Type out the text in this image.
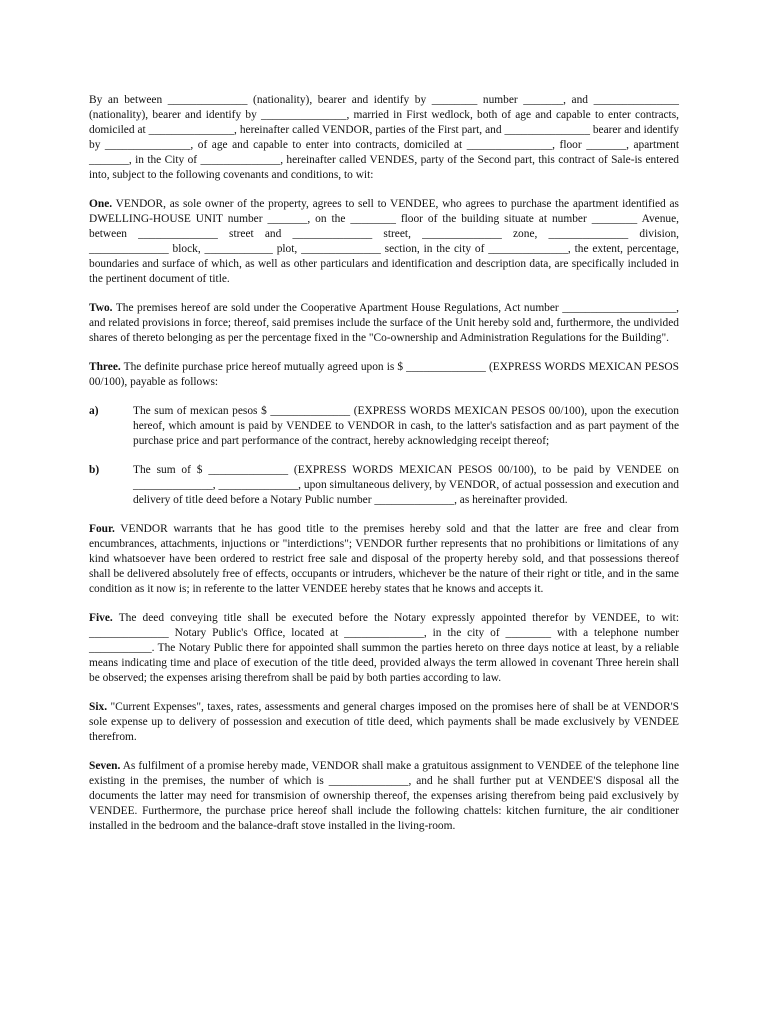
By an between ______________ (nationality), bearer and identify by ________ number _______, and _______________ (nationality), bearer and identify by _______________, married in First wedlock, both of age and capable to enter contracts, domiciled at _______________, hereinafter called VENDOR, parties of the First part, and _______________ bearer and identify by _______________, of age and capable to enter into contracts, domiciled at _______________, floor _______, apartment _______, in the City of ______________, hereinafter called VENDES, party of the Second part, this contract of Sale-is entered into, subject to the following covenants and conditions, to wit:

One. VENDOR, as sole owner of the property, agrees to sell to VENDEE, who agrees to purchase the apartment identified as DWELLING-HOUSE UNIT number _______, on the ________ floor of the building situate at number ________ Avenue, between ______________ street and ______________ street, ______________ zone, ______________ division, ______________ block, ____________ plot, ______________ section, in the city of ______________, the extent, percentage, boundaries and surface of which, as well as other particulars and identification and description data, are specifically included in the pertinent document of title.

Two. The premises hereof are sold under the Cooperative Apartment House Regulations, Act number ____________________, and related provisions in force; thereof, said premises include the surface of the Unit hereby sold and, furthermore, the undivided shares of thereto belonging as per the percentage fixed in the "Co-ownership and Administration Regulations for the Building".

Three. The definite purchase price hereof mutually agreed upon is $ ______________ (EXPRESS WORDS MEXICAN PESOS 00/100), payable as follows:

a)	The sum of mexican pesos $ ______________ (EXPRESS WORDS MEXICAN PESOS 00/100), upon the execution hereof, which amount is paid by VENDEE to VENDOR in cash, to the latter's satisfaction and as part payment of the purchase price and part performance of the contract, hereby acknowledging receipt thereof;
b)	The sum of $ ______________ (EXPRESS WORDS MEXICAN PESOS 00/100), to be paid by VENDEE on ______________, ______________, upon simultaneous delivery, by VENDOR, of actual possession and execution and delivery of title deed before a Notary Public number ______________, as hereinafter provided.

Four. VENDOR warrants that he has good title to the premises hereby sold and that the latter are free and clear from encumbrances, attachments, injuctions or "interdictions"; VENDOR further represents that no prohibitions or limitations of any kind whatsoever have been ordered to restrict free sale and disposal of the property hereby sold, and that possessions thereof shall be delivered absolutely free of effects, occupants or intruders, whichever be the nature of their right or title, and in the same condition as it now is; in referente to the latter VENDEE hereby states that he knows and accepts it.

Five. The deed conveying title shall be executed before the Notary expressly appointed therefor by VENDEE, to wit: ______________ Notary Public's Office, located at ______________, in the city of ________ with a telephone number ___________. The Notary Public there for appointed shall summon the parties hereto on three days notice at least, by a reliable means indicating time and place of execution of the title deed, provided always the term allowed in covenant Three herein shall be observed; the expenses arising therefrom shall be paid by both parties according to law.

Six. "Current Expenses", taxes, rates, assessments and general charges imposed on the promises here of shall be at VENDOR'S sole expense up to delivery of possession and execution of title deed, which payments shall be made exclusively by VENDEE therefrom.

Seven. As fulfilment of a promise hereby made, VENDOR shall make a gratuitous assignment to VENDEE of the telephone line existing in the premises, the number of which is ______________, and he shall further put at VENDEE'S disposal all the documents the latter may need for transmision of ownership thereof, the expenses arising therefrom being paid exclusively by VENDEE. Furthermore, the purchase price hereof shall include the following chattels: kitchen furniture, the air conditioner installed in the bedroom and the balance-draft stove installed in the living-room.
